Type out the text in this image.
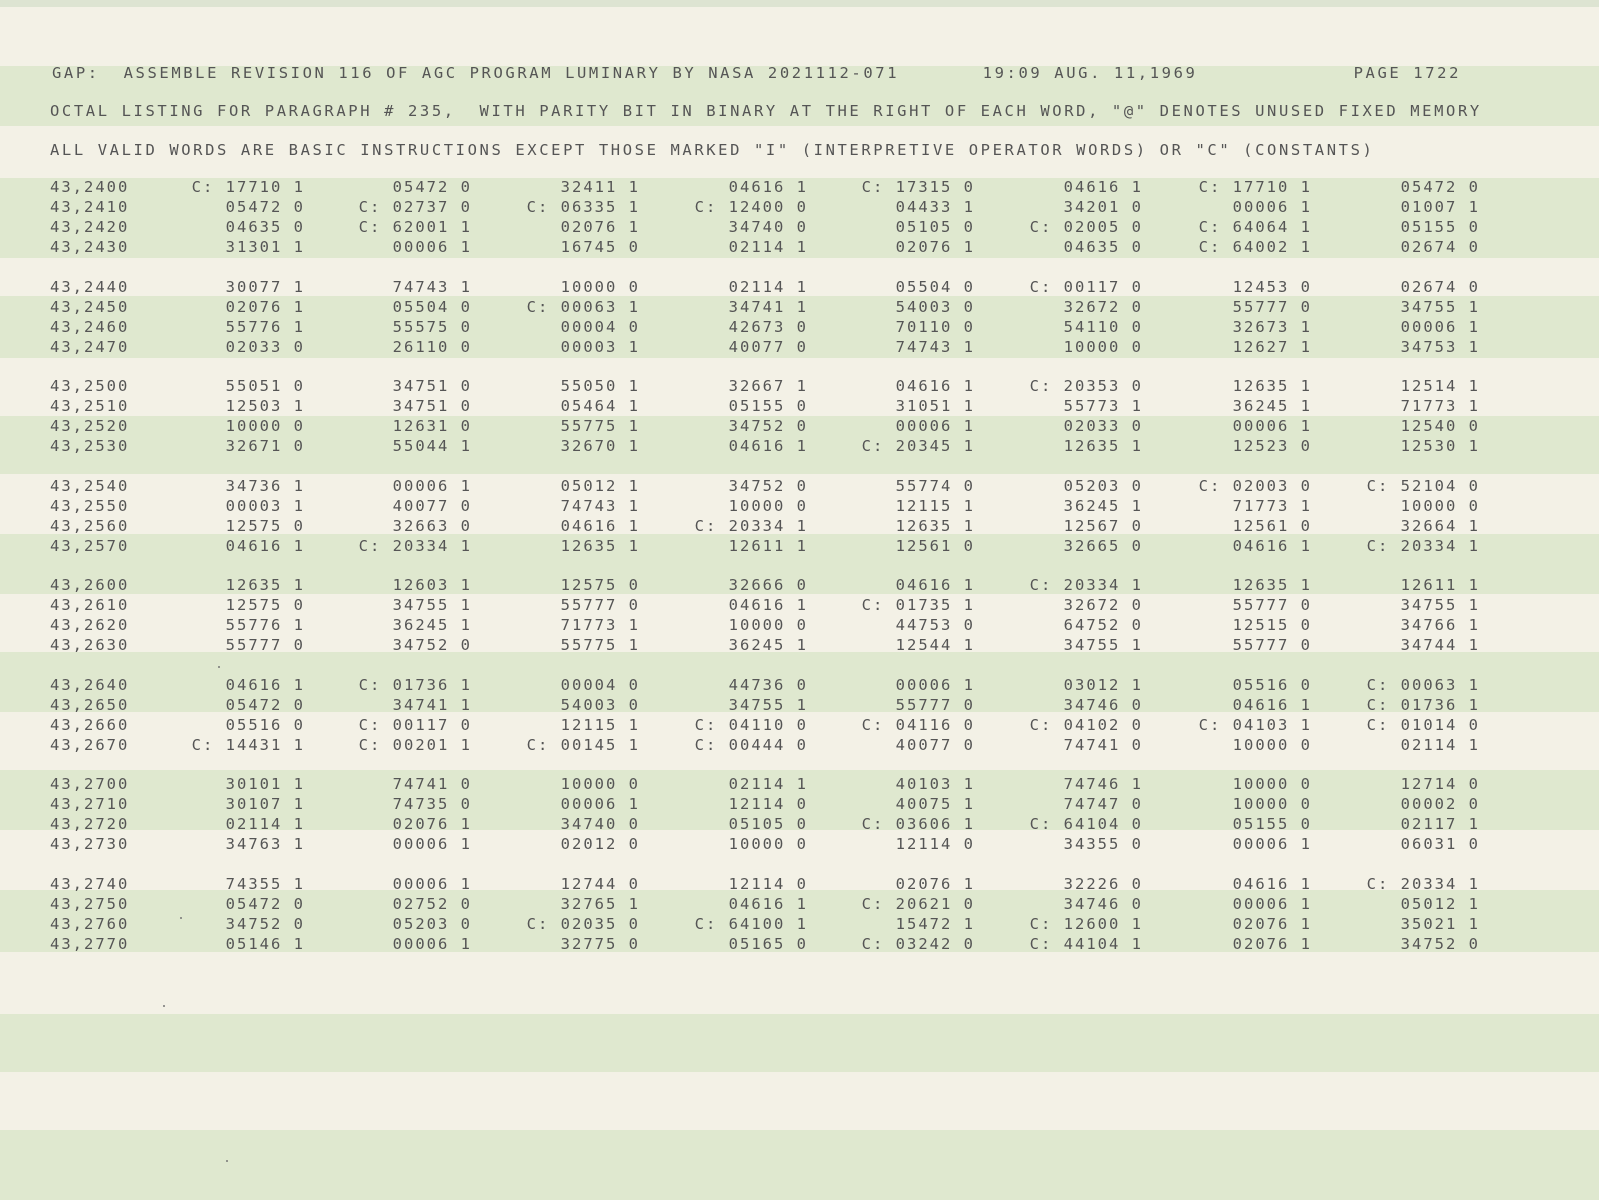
GAP:  ASSEMBLE REVISION 116 OF AGC PROGRAM LUMINARY BY NASA 2021112-071       19:09 AUG. 11,1969	PAGE 1722
OCTAL LISTING FOR PARAGRAPH # 235,  WITH PARITY BIT IN BINARY AT THE RIGHT OF EACH WORD, "@" DENOTES UNUSED FIXED MEMORY
ALL VALID WORDS ARE BASIC INSTRUCTIONS EXCEPT THOSE MARKED "I" (INTERPRETIVE OPERATOR WORDS) OR "C" (CONSTANTS)
43,2400	C: 17710 1	05472 0	32411 1	04616 1	C: 17315 0	04616 1	C: 17710 1	05472 0
43,2410	05472 0	C: 02737 0	C: 06335 1	C: 12400 0	04433 1	34201 0	00006 1	01007 1
43,2420	04635 0	C: 62001 1	02076 1	34740 0	05105 0	C: 02005 0	C: 64064 1	05155 0
43,2430	31301 1	00006 1	16745 0	02114 1	02076 1	04635 0	C: 64002 1	02674 0
43,2440	30077 1	74743 1	10000 0	02114 1	05504 0	C: 00117 0	12453 0	02674 0
43,2450	02076 1	05504 0	C: 00063 1	34741 1	54003 0	32672 0	55777 0	34755 1
43,2460	55776 1	55575 0	00004 0	42673 0	70110 0	54110 0	32673 1	00006 1
43,2470	02033 0	26110 0	00003 1	40077 0	74743 1	10000 0	12627 1	34753 1
43,2500	55051 0	34751 0	55050 1	32667 1	04616 1	C: 20353 0	12635 1	12514 1
43,2510	12503 1	34751 0	05464 1	05155 0	31051 1	55773 1	36245 1	71773 1
43,2520	10000 0	12631 0	55775 1	34752 0	00006 1	02033 0	00006 1	12540 0
43,2530	32671 0	55044 1	32670 1	04616 1	C: 20345 1	12635 1	12523 0	12530 1
43,2540	34736 1	00006 1	05012 1	34752 0	55774 0	05203 0	C: 02003 0	C: 52104 0
43,2550	00003 1	40077 0	74743 1	10000 0	12115 1	36245 1	71773 1	10000 0
43,2560	12575 0	32663 0	04616 1	C: 20334 1	12635 1	12567 0	12561 0	32664 1
43,2570	04616 1	C: 20334 1	12635 1	12611 1	12561 0	32665 0	04616 1	C: 20334 1
43,2600	12635 1	12603 1	12575 0	32666 0	04616 1	C: 20334 1	12635 1	12611 1
43,2610	12575 0	34755 1	55777 0	04616 1	C: 01735 1	32672 0	55777 0	34755 1
43,2620	55776 1	36245 1	71773 1	10000 0	44753 0	64752 0	12515 0	34766 1
43,2630	55777 0	34752 0	55775 1	36245 1	12544 1	34755 1	55777 0	34744 1
43,2640	04616 1	C: 01736 1	00004 0	44736 0	00006 1	03012 1	05516 0	C: 00063 1
43,2650	05472 0	34741 1	54003 0	34755 1	55777 0	34746 0	04616 1	C: 01736 1
43,2660	05516 0	C: 00117 0	12115 1	C: 04110 0	C: 04116 0	C: 04102 0	C: 04103 1	C: 01014 0
43,2670	C: 14431 1	C: 00201 1	C: 00145 1	C: 00444 0	40077 0	74741 0	10000 0	02114 1
43,2700	30101 1	74741 0	10000 0	02114 1	40103 1	74746 1	10000 0	12714 0
43,2710	30107 1	74735 0	00006 1	12114 0	40075 1	74747 0	10000 0	00002 0
43,2720	02114 1	02076 1	34740 0	05105 0	C: 03606 1	C: 64104 0	05155 0	02117 1
43,2730	34763 1	00006 1	02012 0	10000 0	12114 0	34355 0	00006 1	06031 0
43,2740	74355 1	00006 1	12744 0	12114 0	02076 1	32226 0	04616 1	C: 20334 1
43,2750	05472 0	02752 0	32765 1	04616 1	C: 20621 0	34746 0	00006 1	05012 1
43,2760	34752 0	05203 0	C: 02035 0	C: 64100 1	15472 1	C: 12600 1	02076 1	35021 1
43,2770	05146 1	00006 1	32775 0	05165 0	C: 03242 0	C: 44104 1	02076 1	34752 0
